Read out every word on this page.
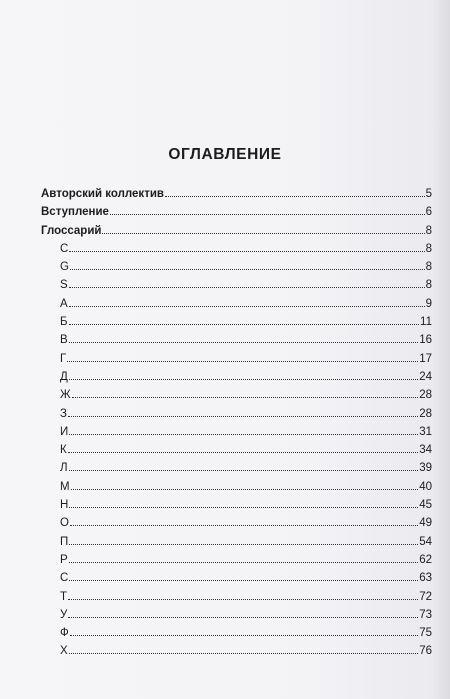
ОГЛАВЛЕНИЕ
Авторский коллектив	5
Вступление	6
Глоссарий	8
C	8
G	8
S	8
А	9
Б	11
В	16
Г	17
Д	24
Ж	28
З	28
И	31
К	34
Л	39
М	40
Н	45
О	49
П	54
Р	62
С	63
Т	72
У	73
Ф	75
Х	76
